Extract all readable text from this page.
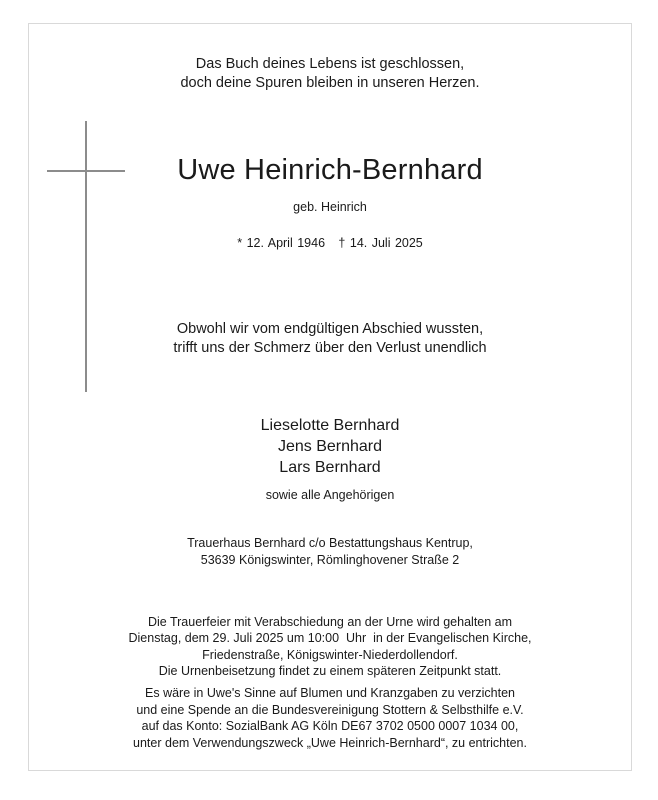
Das Buch deines Lebens ist geschlossen,
doch deine Spuren bleiben in unseren Herzen.

Uwe Heinrich-Bernhard

geb. Heinrich

* 12. April 1946   † 14. Juli 2025

Obwohl wir vom endgültigen Abschied wussten,
trifft uns der Schmerz über den Verlust unendlich

Lieselotte Bernhard
Jens Bernhard
Lars Bernhard

sowie alle Angehörigen

Trauerhaus Bernhard c/o Bestattungshaus Kentrup,
53639 Königswinter, Römlinghovener Straße 2

Die Trauerfeier mit Verabschiedung an der Urne wird gehalten am
Dienstag, dem 29. Juli 2025 um 10:00  Uhr  in der Evangelischen Kirche,
Friedenstraße, Königswinter-Niederdollendorf.
Die Urnenbeisetzung findet zu einem späteren Zeitpunkt statt.

Es wäre in Uwe's Sinne auf Blumen und Kranzgaben zu verzichten
und eine Spende an die Bundesvereinigung Stottern & Selbsthilfe e.V.
auf das Konto: SozialBank AG Köln DE67 3702 0500 0007 1034 00,
unter dem Verwendungszweck „Uwe Heinrich-Bernhard“, zu entrichten.
